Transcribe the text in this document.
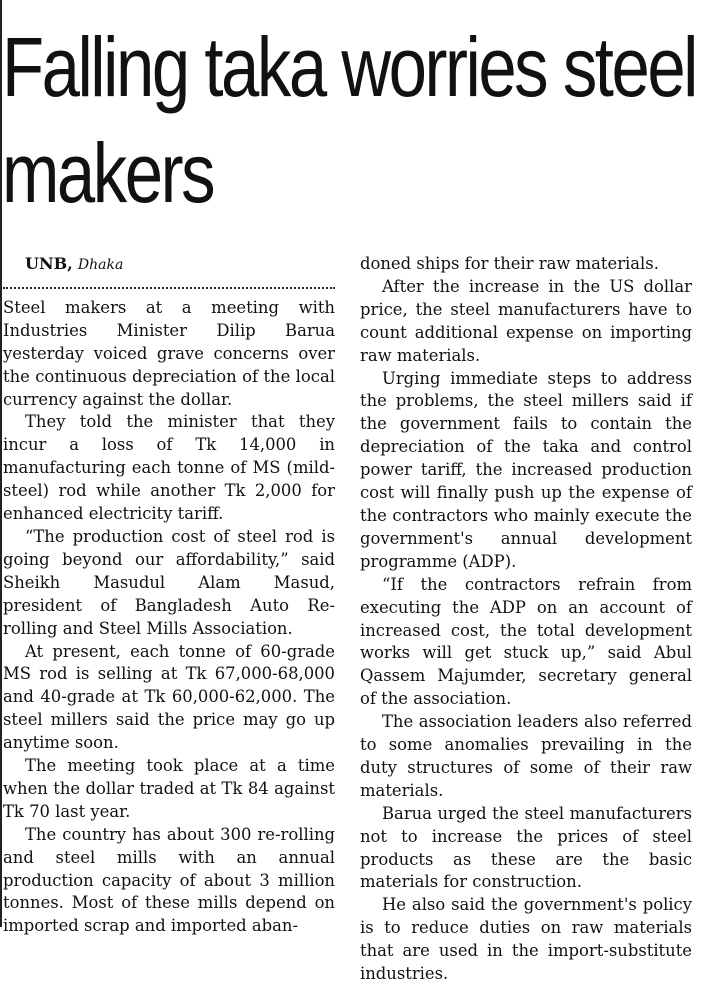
Falling taka worries steel makers

UNB, Dhaka

Steel makers at a meeting with Industries Minister Dilip Barua yesterday voiced grave concerns over the continuous depreciation of the local currency against the dollar.

They told the minister that they incur a loss of Tk 14,000 in manufacturing each tonne of MS (mild-steel) rod while another Tk 2,000 for enhanced electricity tariff.

“The production cost of steel rod is going beyond our affordability,” said Sheikh Masudul Alam Masud, president of Bangladesh Auto Re-rolling and Steel Mills Association.

At present, each tonne of 60-grade MS rod is selling at Tk 67,000-68,000 and 40-grade at Tk 60,000-62,000. The steel millers said the price may go up anytime soon.

The meeting took place at a time when the dollar traded at Tk 84 against Tk 70 last year.

The country has about 300 re-rolling and steel mills with an annual production capacity of about 3 million tonnes. Most of these mills depend on imported scrap and imported aban-

doned ships for their raw materials.

After the increase in the US dollar price, the steel manufacturers have to count additional expense on importing raw materials.

Urging immediate steps to address the problems, the steel millers said if the government fails to contain the depreciation of the taka and control power tariff, the increased production cost will finally push up the expense of the contractors who mainly execute the government's annual development programme (ADP).

“If the contractors refrain from executing the ADP on an account of increased cost, the total development works will get stuck up,” said Abul Qassem Majumder, secretary general of the association.

The association leaders also referred to some anomalies prevailing in the duty structures of some of their raw materials.

Barua urged the steel manufacturers not to increase the prices of steel products as these are the basic materials for construction.

He also said the government's policy is to reduce duties on raw materials that are used in the import-substitute industries.
